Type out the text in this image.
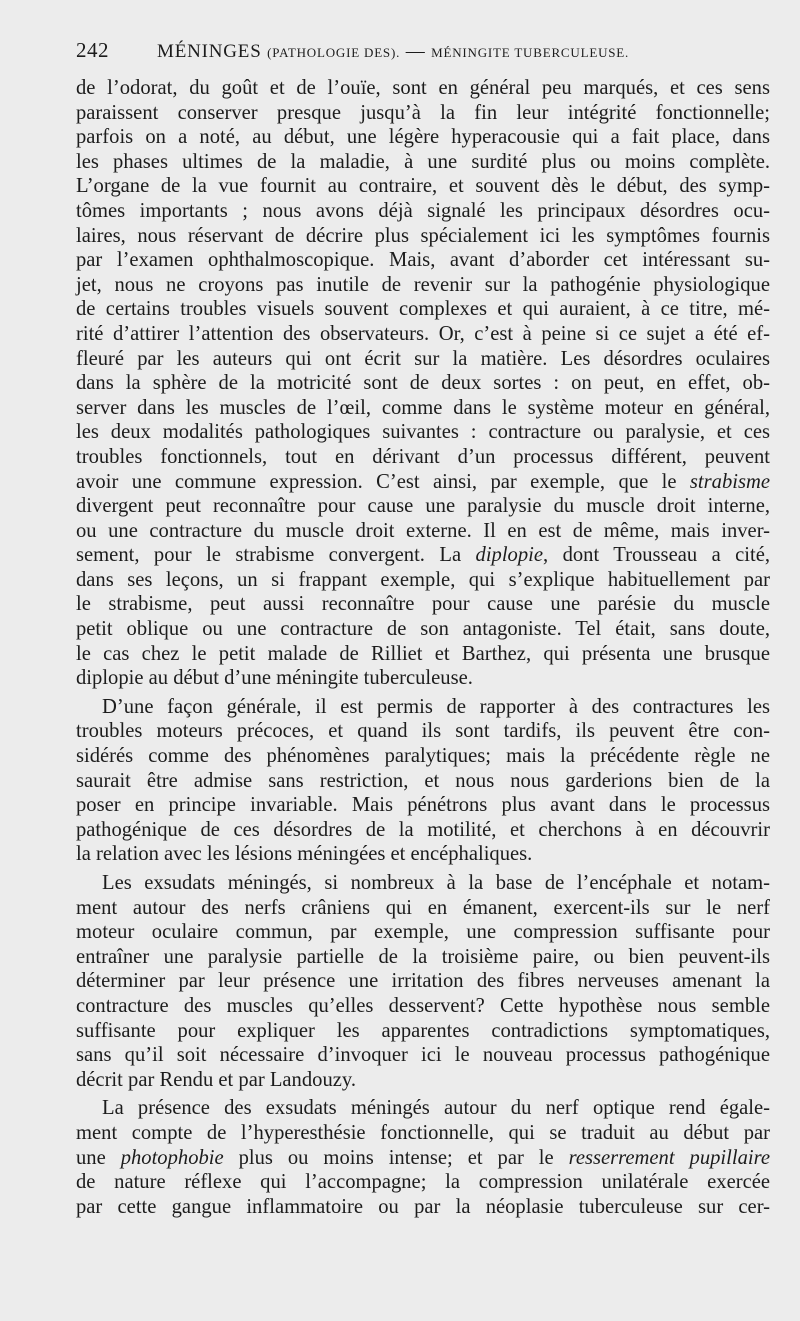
242	MÉNINGES (PATHOLOGIE DES). — MÉNINGITE TUBERCULEUSE.
de l’odorat, du goût et de l’ouïe, sont en général peu marqués, et ces sens
paraissent conserver presque jusqu’à la fin leur intégrité fonctionnelle;
parfois on a noté, au début, une légère hyperacousie qui a fait place, dans
les phases ultimes de la maladie, à une surdité plus ou moins complète.
L’organe de la vue fournit au contraire, et souvent dès le début, des symp-
tômes importants ; nous avons déjà signalé les principaux désordres ocu-
laires, nous réservant de décrire plus spécialement ici les symptômes fournis
par l’examen ophthalmoscopique. Mais, avant d’aborder cet intéressant su-
jet, nous ne croyons pas inutile de revenir sur la pathogénie physiologique
de certains troubles visuels souvent complexes et qui auraient, à ce titre, mé-
rité d’attirer l’attention des observateurs. Or, c’est à peine si ce sujet a été ef-
fleuré par les auteurs qui ont écrit sur la matière. Les désordres oculaires
dans la sphère de la motricité sont de deux sortes : on peut, en effet, ob-
server dans les muscles de l’œil, comme dans le système moteur en général,
les deux modalités pathologiques suivantes : contracture ou paralysie, et ces
troubles fonctionnels, tout en dérivant d’un processus différent, peuvent
avoir une commune expression. C’est ainsi, par exemple, que le strabisme
divergent peut reconnaître pour cause une paralysie du muscle droit interne,
ou une contracture du muscle droit externe. Il en est de même, mais inver-
sement, pour le strabisme convergent. La diplopie, dont Trousseau a cité,
dans ses leçons, un si frappant exemple, qui s’explique habituellement par
le strabisme, peut aussi reconnaître pour cause une parésie du muscle
petit oblique ou une contracture de son antagoniste. Tel était, sans doute,
le cas chez le petit malade de Rilliet et Barthez, qui présenta une brusque
diplopie au début d’une méningite tuberculeuse.
D’une façon générale, il est permis de rapporter à des contractures les
troubles moteurs précoces, et quand ils sont tardifs, ils peuvent être con-
sidérés comme des phénomènes paralytiques; mais la précédente règle ne
saurait être admise sans restriction, et nous nous garderions bien de la
poser en principe invariable. Mais pénétrons plus avant dans le processus
pathogénique de ces désordres de la motilité, et cherchons à en découvrir
la relation avec les lésions méningées et encéphaliques.
Les exsudats méningés, si nombreux à la base de l’encéphale et notam-
ment autour des nerfs crâniens qui en émanent, exercent-ils sur le nerf
moteur oculaire commun, par exemple, une compression suffisante pour
entraîner une paralysie partielle de la troisième paire, ou bien peuvent-ils
déterminer par leur présence une irritation des fibres nerveuses amenant la
contracture des muscles qu’elles desservent? Cette hypothèse nous semble
suffisante pour expliquer les apparentes contradictions symptomatiques,
sans qu’il soit nécessaire d’invoquer ici le nouveau processus pathogénique
décrit par Rendu et par Landouzy.
La présence des exsudats méningés autour du nerf optique rend égale-
ment compte de l’hyperesthésie fonctionnelle, qui se traduit au début par
une photophobie plus ou moins intense; et par le resserrement pupillaire
de nature réflexe qui l’accompagne; la compression unilatérale exercée
par cette gangue inflammatoire ou par la néoplasie tuberculeuse sur cer-
